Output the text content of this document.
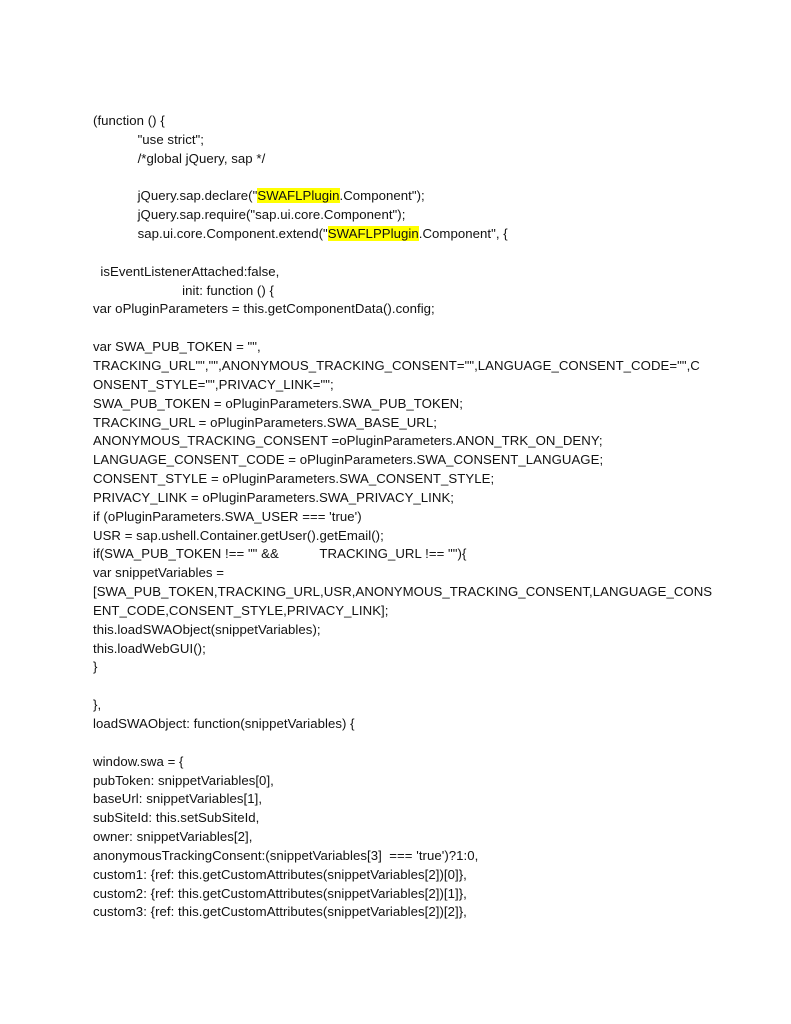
(function () {
"use strict";
/*global jQuery, sap */
jQuery.sap.declare("SWAFLPlugin.Component");
jQuery.sap.require("sap.ui.core.Component");
sap.ui.core.Component.extend("SWAFLPPlugin.Component", {
isEventListenerAttached:false,
init: function () {
var oPluginParameters = this.getComponentData().config;
var SWA_PUB_TOKEN = "",
TRACKING_URL"","",ANONYMOUS_TRACKING_CONSENT="",LANGUAGE_CONSENT_CODE="",C
ONSENT_STYLE="",PRIVACY_LINK="";
SWA_PUB_TOKEN = oPluginParameters.SWA_PUB_TOKEN;
TRACKING_URL = oPluginParameters.SWA_BASE_URL;
ANONYMOUS_TRACKING_CONSENT =oPluginParameters.ANON_TRK_ON_DENY;
LANGUAGE_CONSENT_CODE = oPluginParameters.SWA_CONSENT_LANGUAGE;
CONSENT_STYLE = oPluginParameters.SWA_CONSENT_STYLE;
PRIVACY_LINK = oPluginParameters.SWA_PRIVACY_LINK;
if (oPluginParameters.SWA_USER === 'true')
USR = sap.ushell.Container.getUser().getEmail();
if(SWA_PUB_TOKEN !== "" &&           TRACKING_URL !== ""){
var snippetVariables =
[SWA_PUB_TOKEN,TRACKING_URL,USR,ANONYMOUS_TRACKING_CONSENT,LANGUAGE_CONS
ENT_CODE,CONSENT_STYLE,PRIVACY_LINK];
this.loadSWAObject(snippetVariables);
this.loadWebGUI();
}
},
loadSWAObject: function(snippetVariables) {
window.swa = {
pubToken: snippetVariables[0],
baseUrl: snippetVariables[1],
subSiteId: this.setSubSiteId,
owner: snippetVariables[2],
anonymousTrackingConsent:(snippetVariables[3]  === 'true')?1:0,
custom1: {ref: this.getCustomAttributes(snippetVariables[2])[0]},
custom2: {ref: this.getCustomAttributes(snippetVariables[2])[1]},
custom3: {ref: this.getCustomAttributes(snippetVariables[2])[2]},
